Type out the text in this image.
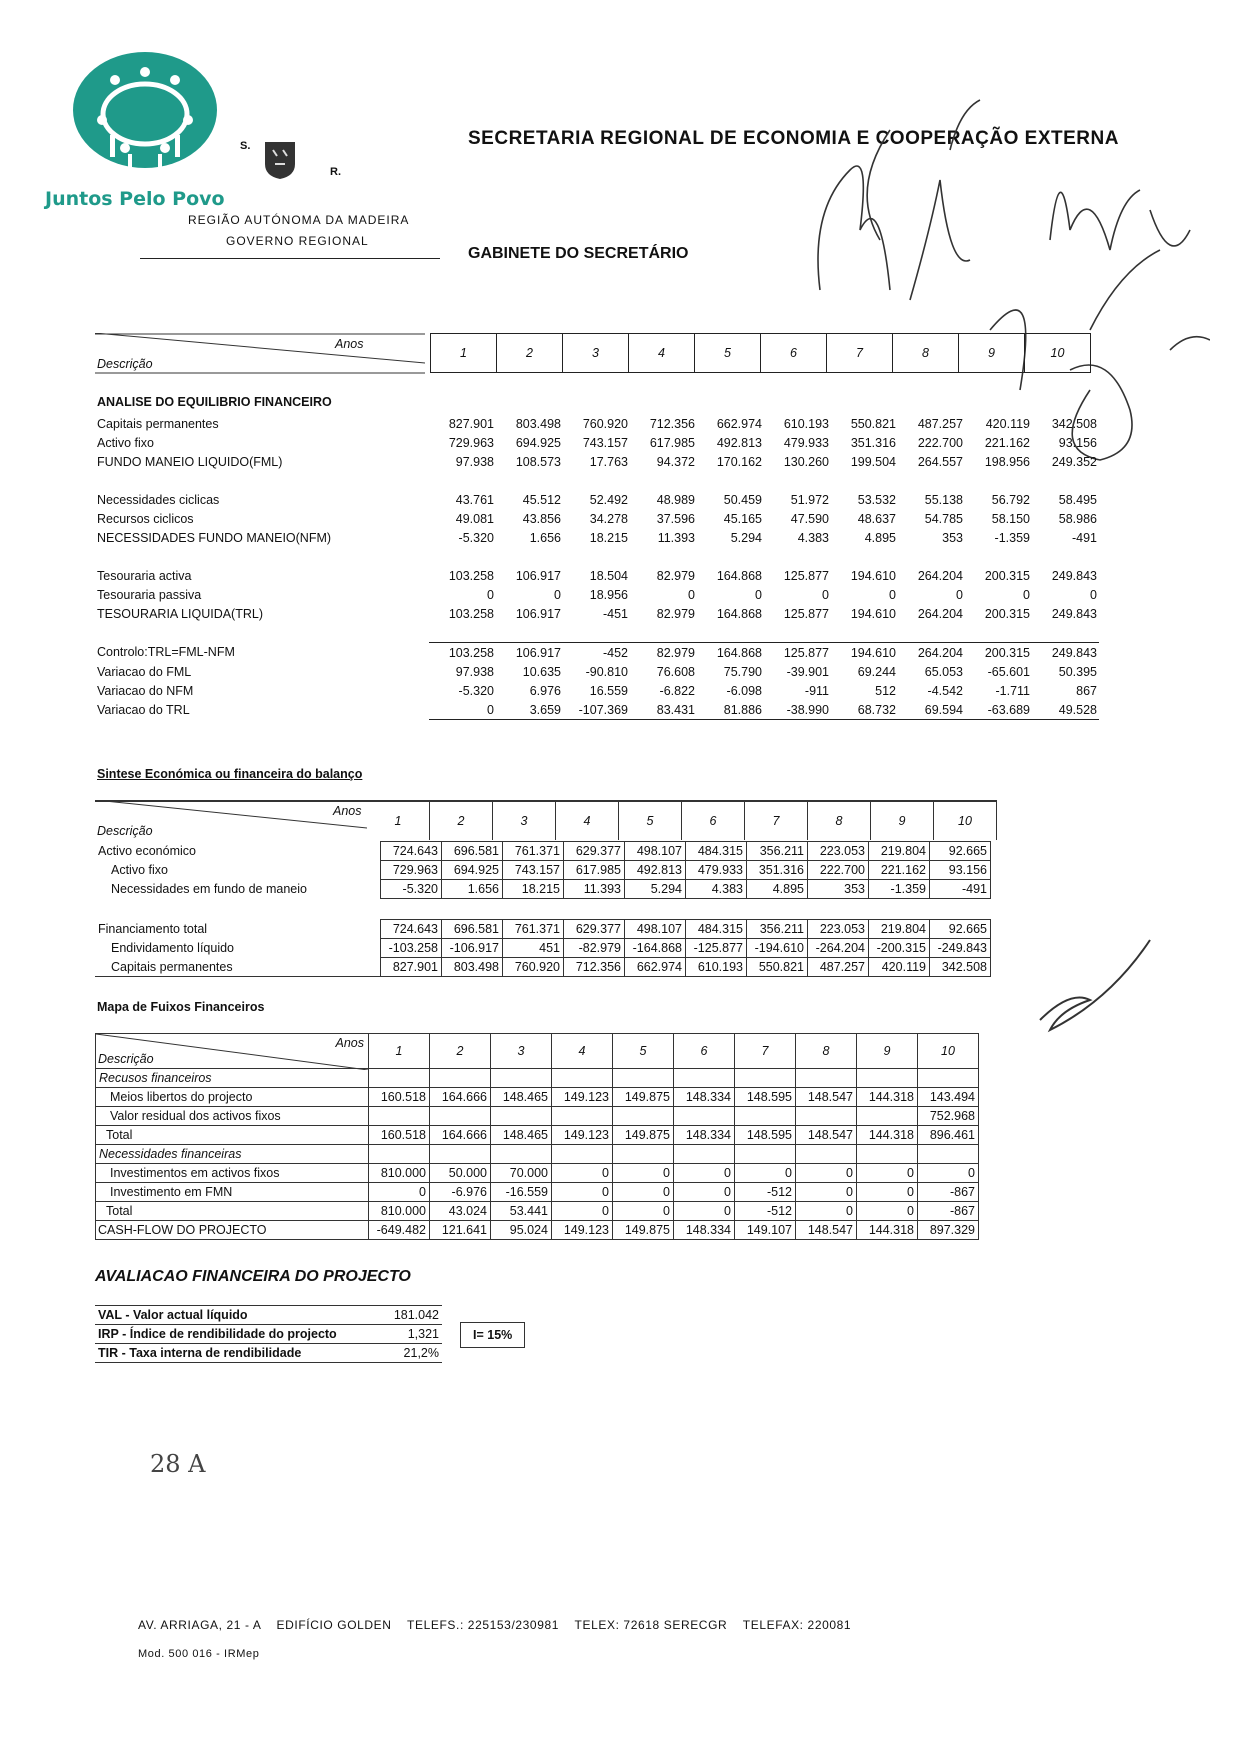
Juntos Pelo Povo
S.
R.
REGIÃO AUTÓNOMA DA MADEIRA
GOVERNO REGIONAL
SECRETARIA REGIONAL DE ECONOMIA E COOPERAÇÃO EXTERNA
GABINETE DO SECRETÁRIO
Anos
Descrição
1	2	3	4	5	6	7	8	9	10
ANALISE DO EQUILIBRIO FINANCEIRO
Capitais permanentes	827.901	803.498	760.920	712.356	662.974	610.193	550.821	487.257	420.119	342.508
Activo fixo	729.963	694.925	743.157	617.985	492.813	479.933	351.316	222.700	221.162	93.156
FUNDO MANEIO LIQUIDO(FML)	97.938	108.573	17.763	94.372	170.162	130.260	199.504	264.557	198.956	249.352

Necessidades ciclicas	43.761	45.512	52.492	48.989	50.459	51.972	53.532	55.138	56.792	58.495
Recursos ciclicos	49.081	43.856	34.278	37.596	45.165	47.590	48.637	54.785	58.150	58.986
NECESSIDADES FUNDO MANEIO(NFM)	-5.320	1.656	18.215	11.393	5.294	4.383	4.895	353	-1.359	-491

Tesouraria activa	103.258	106.917	18.504	82.979	164.868	125.877	194.610	264.204	200.315	249.843
Tesouraria passiva	0	0	18.956	0	0	0	0	0	0	0
TESOURARIA LIQUIDA(TRL)	103.258	106.917	-451	82.979	164.868	125.877	194.610	264.204	200.315	249.843

Controlo:TRL=FML-NFM	103.258	106.917	-452	82.979	164.868	125.877	194.610	264.204	200.315	249.843
Variacao do FML	97.938	10.635	-90.810	76.608	75.790	-39.901	69.244	65.053	-65.601	50.395
Variacao do NFM	-5.320	6.976	16.559	-6.822	-6.098	-911	512	-4.542	-1.711	867
Variacao do TRL	0	3.659	-107.369	83.431	81.886	-38.990	68.732	69.594	-63.689	49.528
Sintese Económica ou financeira do balanço
Anos
Descrição
1	2	3	4	5	6	7	8	9	10
Activo económico	724.643	696.581	761.371	629.377	498.107	484.315	356.211	223.053	219.804	92.665
Activo fixo	729.963	694.925	743.157	617.985	492.813	479.933	351.316	222.700	221.162	93.156
Necessidades em fundo de maneio	-5.320	1.656	18.215	11.393	5.294	4.383	4.895	353	-1.359	-491

Financiamento total	724.643	696.581	761.371	629.377	498.107	484.315	356.211	223.053	219.804	92.665
Endividamento líquido	-103.258	-106.917	451	-82.979	-164.868	-125.877	-194.610	-264.204	-200.315	-249.843
Capitais permanentes	827.901	803.498	760.920	712.356	662.974	610.193	550.821	487.257	420.119	342.508
Mapa de Fuixos Financeiros
Anos
Descrição	1	2	3	4	5	6	7	8	9	10
Recusos financeiros										
Meios libertos do projecto	160.518	164.666	148.465	149.123	149.875	148.334	148.595	148.547	144.318	143.494
Valor residual dos activos fixos										752.968
Total	160.518	164.666	148.465	149.123	149.875	148.334	148.595	148.547	144.318	896.461
Necessidades financeiras										
Investimentos em activos fixos	810.000	50.000	70.000	0	0	0	0	0	0	0
Investimento em FMN	0	-6.976	-16.559	0	0	0	-512	0	0	-867
Total	810.000	43.024	53.441	0	0	0	-512	0	0	-867
CASH-FLOW DO PROJECTO	-649.482	121.641	95.024	149.123	149.875	148.334	149.107	148.547	144.318	897.329
AVALIACAO FINANCEIRA DO PROJECTO
VAL - Valor actual líquido	181.042
IRP - Índice de rendibilidade do projecto	1,321
TIR - Taxa interna de rendibilidade	21,2%
I= 15%
28 A
AV. ARRIAGA, 21 - A    EDIFÍCIO GOLDEN    TELEFS.: 225153/230981    TELEX: 72618 SERECGR    TELEFAX: 220081
Mod. 500 016 - IRMep
